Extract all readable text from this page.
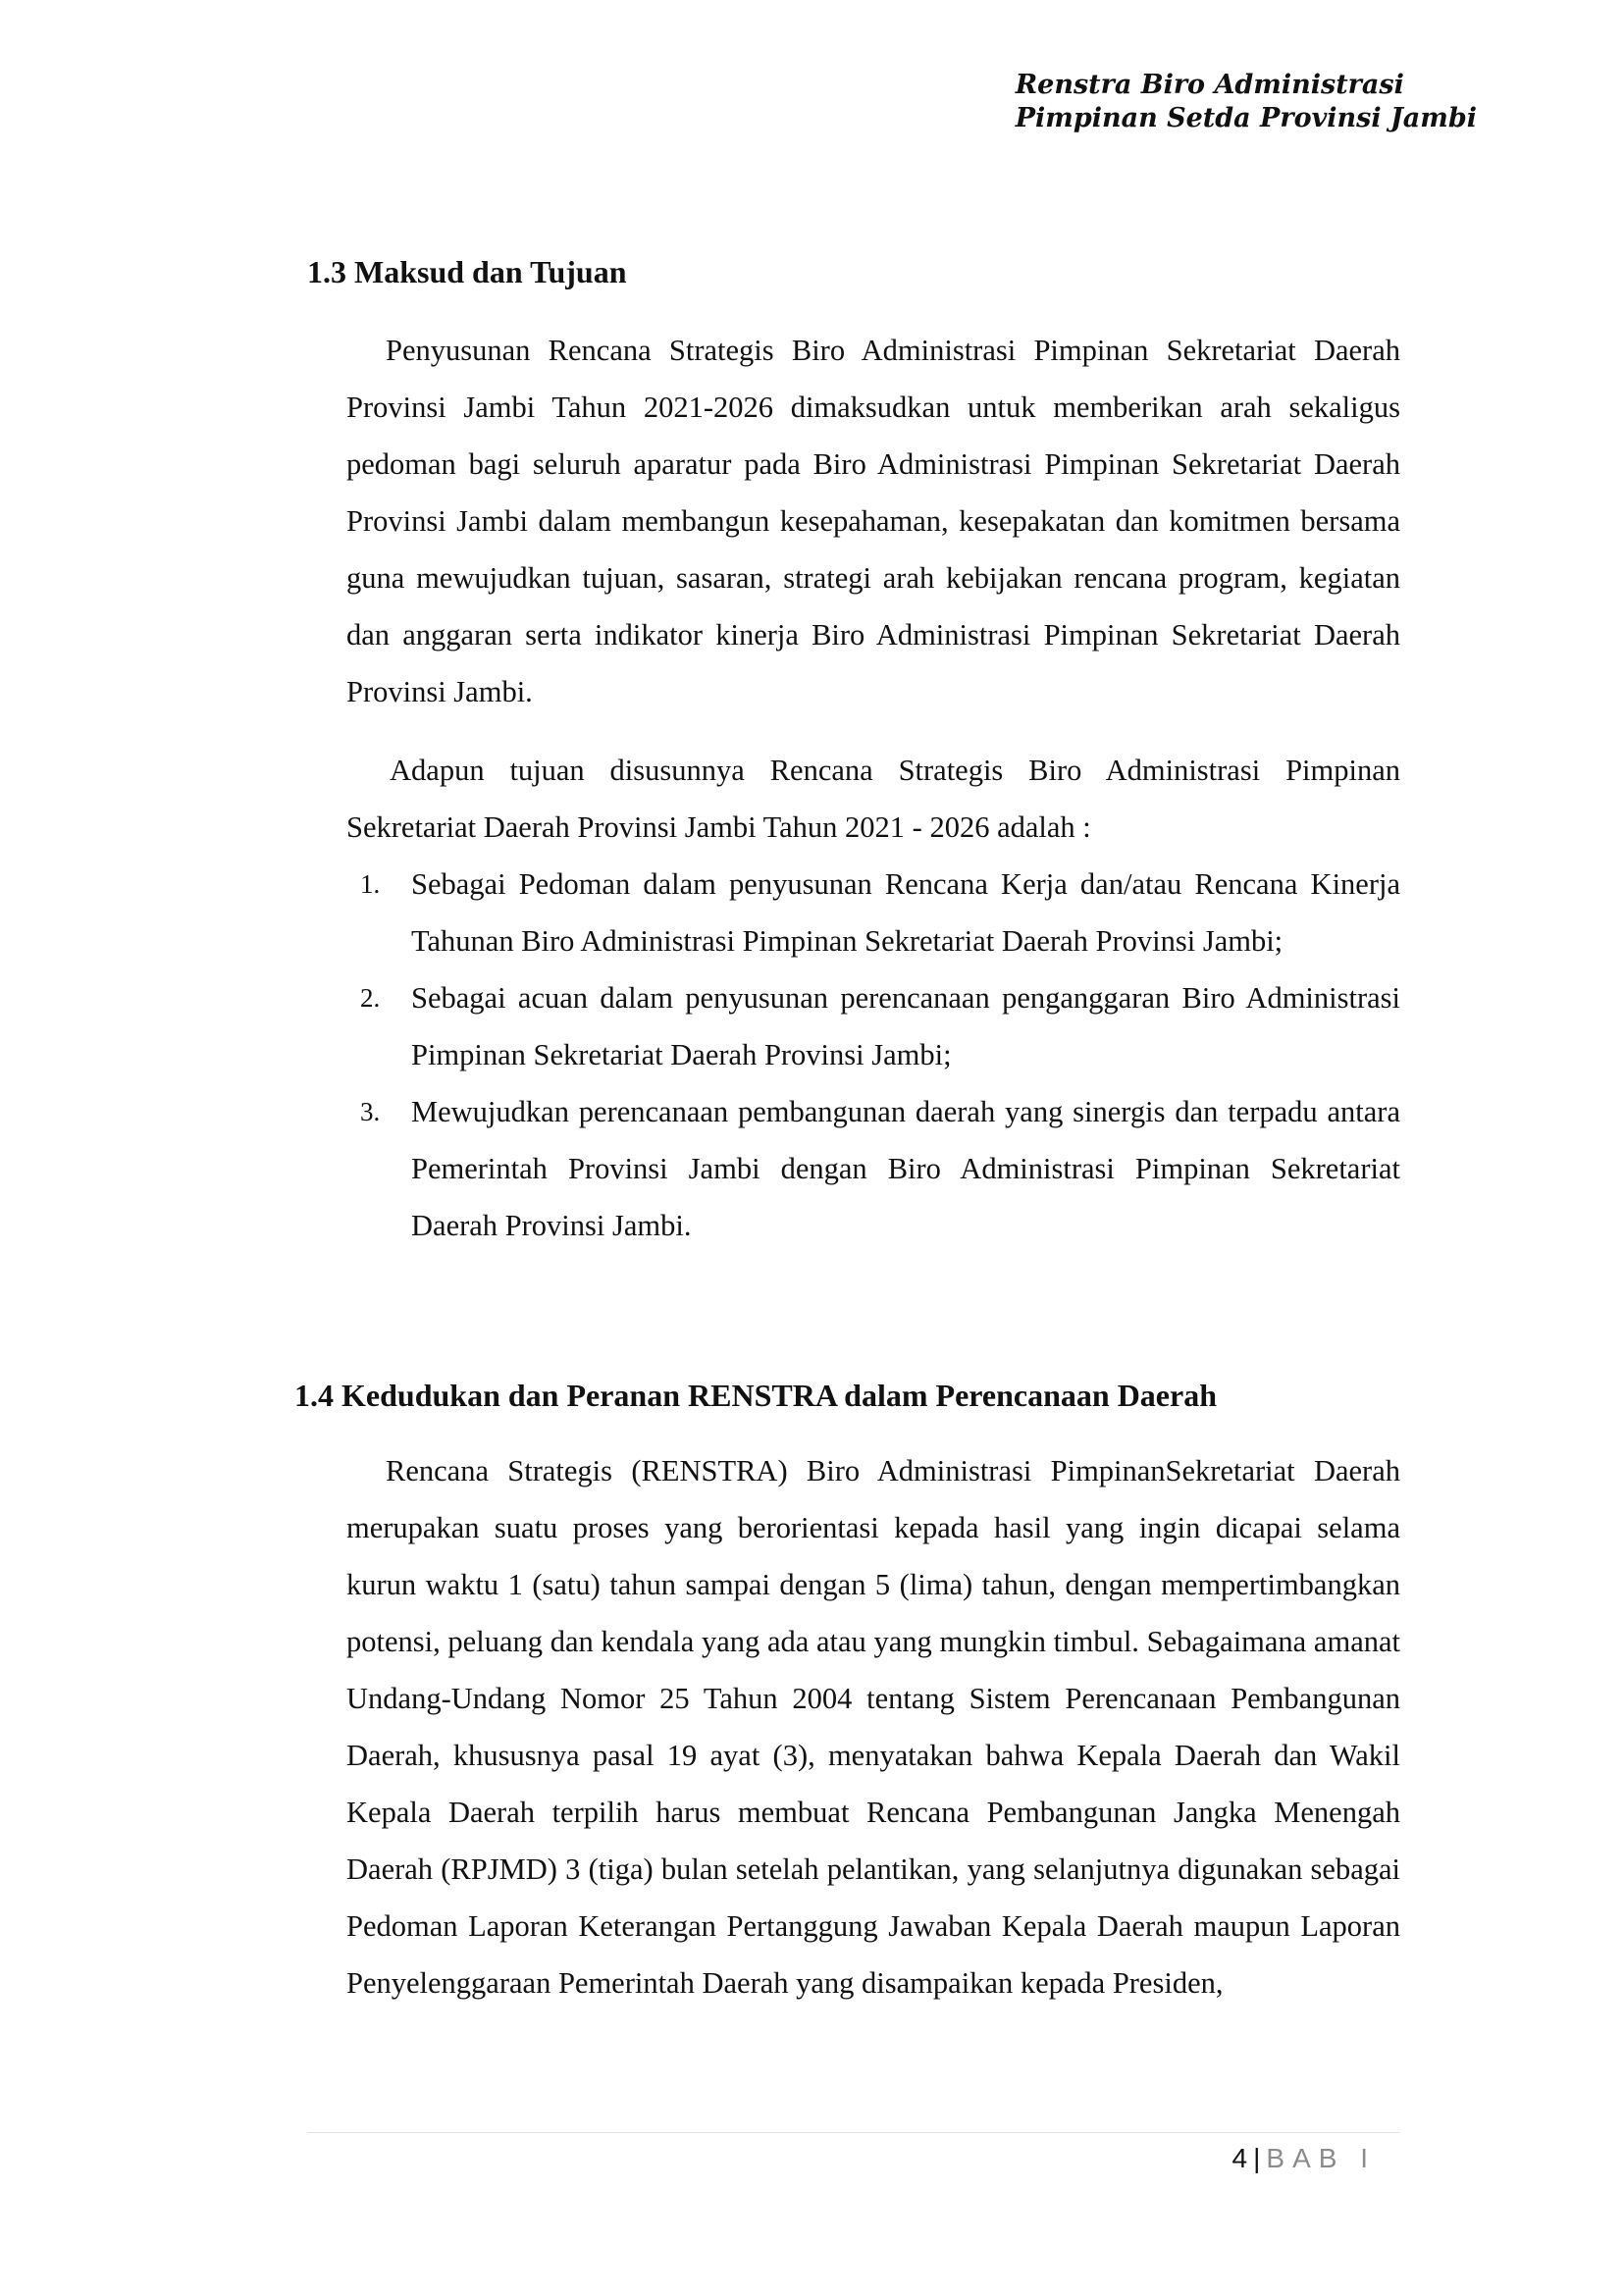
Renstra Biro Administrasi
Pimpinan Setda Provinsi Jambi
1.3 Maksud dan Tujuan

Penyusunan Rencana Strategis Biro Administrasi Pimpinan Sekretariat Daerah Provinsi Jambi Tahun 2021-2026 dimaksudkan untuk memberikan arah sekaligus pedoman bagi seluruh aparatur pada Biro Administrasi Pimpinan Sekretariat Daerah Provinsi Jambi dalam membangun kesepahaman, kesepakatan dan komitmen bersama guna mewujudkan tujuan, sasaran, strategi arah kebijakan rencana program, kegiatan dan anggaran serta indikator kinerja Biro Administrasi Pimpinan Sekretariat Daerah Provinsi Jambi.

Adapun tujuan disusunnya Rencana Strategis Biro Administrasi Pimpinan Sekretariat Daerah Provinsi Jambi Tahun 2021 - 2026 adalah :

1. Sebagai Pedoman dalam penyusunan Rencana Kerja dan/atau Rencana Kinerja Tahunan Biro Administrasi Pimpinan Sekretariat Daerah Provinsi Jambi;
2. Sebagai acuan dalam penyusunan perencanaan penganggaran Biro Administrasi Pimpinan Sekretariat Daerah Provinsi Jambi;
3. Mewujudkan perencanaan pembangunan daerah yang sinergis dan terpadu antara Pemerintah Provinsi Jambi dengan Biro Administrasi Pimpinan Sekretariat Daerah Provinsi Jambi.
1.4 Kedudukan dan Peranan RENSTRA dalam Perencanaan Daerah

Rencana Strategis (RENSTRA) Biro Administrasi PimpinanSekretariat Daerah merupakan suatu proses yang berorientasi kepada hasil yang ingin dicapai selama kurun waktu 1 (satu) tahun sampai dengan 5 (lima) tahun, dengan mempertimbangkan potensi, peluang dan kendala yang ada atau yang mungkin timbul. Sebagaimana amanat Undang-Undang Nomor 25 Tahun 2004 tentang Sistem Perencanaan Pembangunan Daerah, khususnya pasal 19 ayat (3), menyatakan bahwa Kepala Daerah dan Wakil Kepala Daerah terpilih harus membuat Rencana Pembangunan Jangka Menengah Daerah (RPJMD) 3 (tiga) bulan setelah pelantikan, yang selanjutnya digunakan sebagai Pedoman Laporan Keterangan Pertanggung Jawaban Kepala Daerah maupun Laporan Penyelenggaraan Pemerintah Daerah yang disampaikan kepada Presiden,

4 | BAB I
